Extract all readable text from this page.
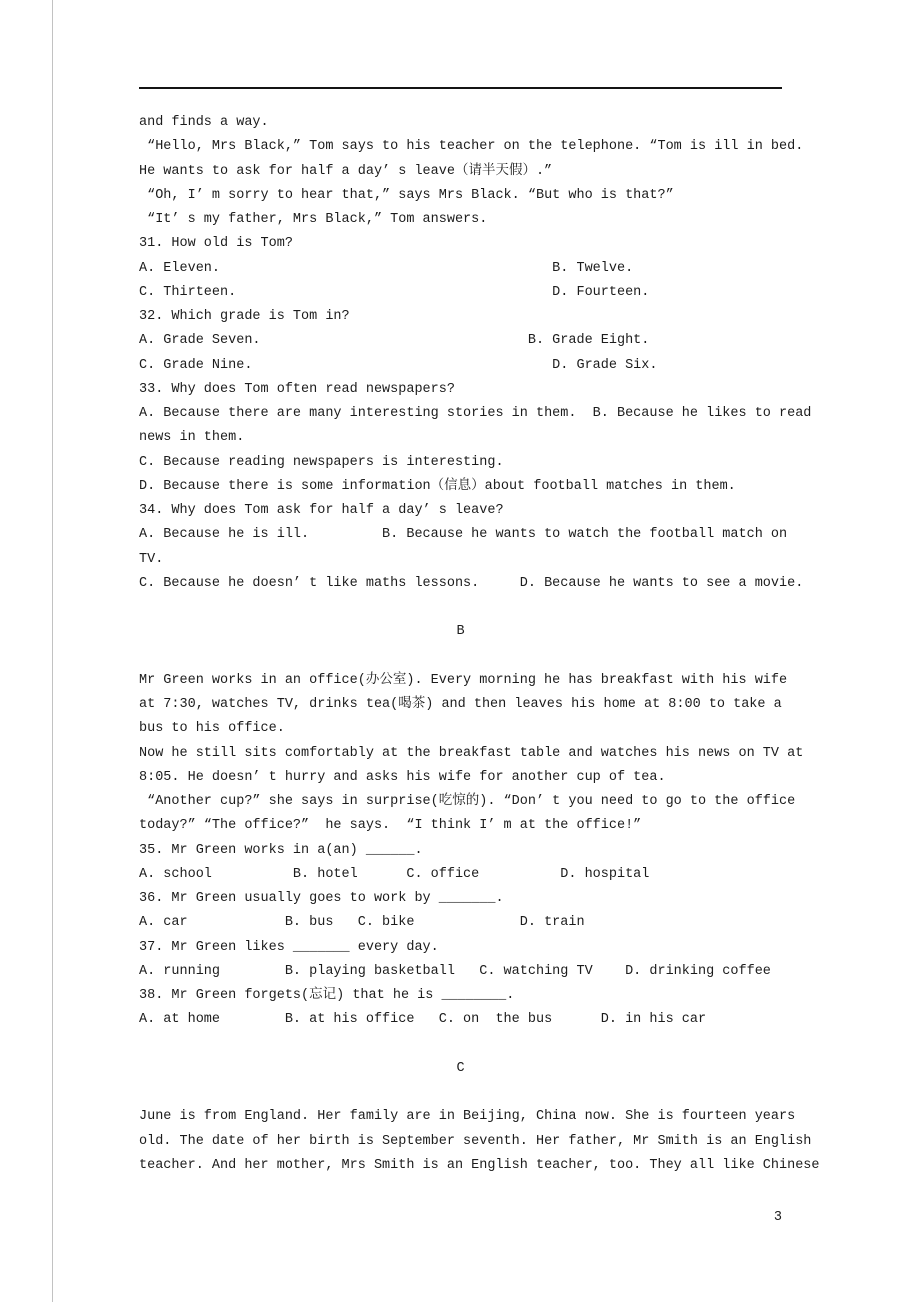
and finds a way.
“Hello, Mrs Black,” Tom says to his teacher on the telephone. “Tom is ill in bed.
He wants to ask for half a day’ s leave（请半天假）.”
“Oh, I’ m sorry to hear that,” says Mrs Black. “But who is that?”
“It’ s my father, Mrs Black,” Tom answers.
31. How old is Tom?
A. Eleven.                                         B. Twelve.
C. Thirteen.                                       D. Fourteen.
32. Which grade is Tom in?
A. Grade Seven.                                 B. Grade Eight.
C. Grade Nine.                                     D. Grade Six.
33. Why does Tom often read newspapers?
A. Because there are many interesting stories in them.  B. Because he likes to read
news in them.
C. Because reading newspapers is interesting.
D. Because there is some information（信息）about football matches in them.
34. Why does Tom ask for half a day’ s leave?
A. Because he is ill.         B. Because he wants to watch the football match on
TV.
C. Because he doesn’ t like maths lessons.     D. Because he wants to see a movie.
B
Mr Green works in an office(办公室). Every morning he has breakfast with his wife
at 7:30, watches TV, drinks tea(喝茶) and then leaves his home at 8:00 to take a
bus to his office.
Now he still sits comfortably at the breakfast table and watches his news on TV at
8:05. He doesn’ t hurry and asks his wife for another cup of tea.
“Another cup?” she says in surprise(吃惊的). “Don’ t you need to go to the office
today?” “The office?”  he says.  “I think I’ m at the office!”
35. Mr Green works in a(an) ______.
A. school          B. hotel      C. office          D. hospital
36. Mr Green usually goes to work by _______.
A. car            B. bus   C. bike             D. train
37. Mr Green likes _______ every day.
A. running        B. playing basketball   C. watching TV    D. drinking coffee
38. Mr Green forgets(忘记) that he is ________.
A. at home        B. at his office   C. on  the bus      D. in his car
C
June is from England. Her family are in Beijing, China now. She is fourteen years
old. The date of her birth is September seventh. Her father, Mr Smith is an English
teacher. And her mother, Mrs Smith is an English teacher, too. They all like Chinese
3
